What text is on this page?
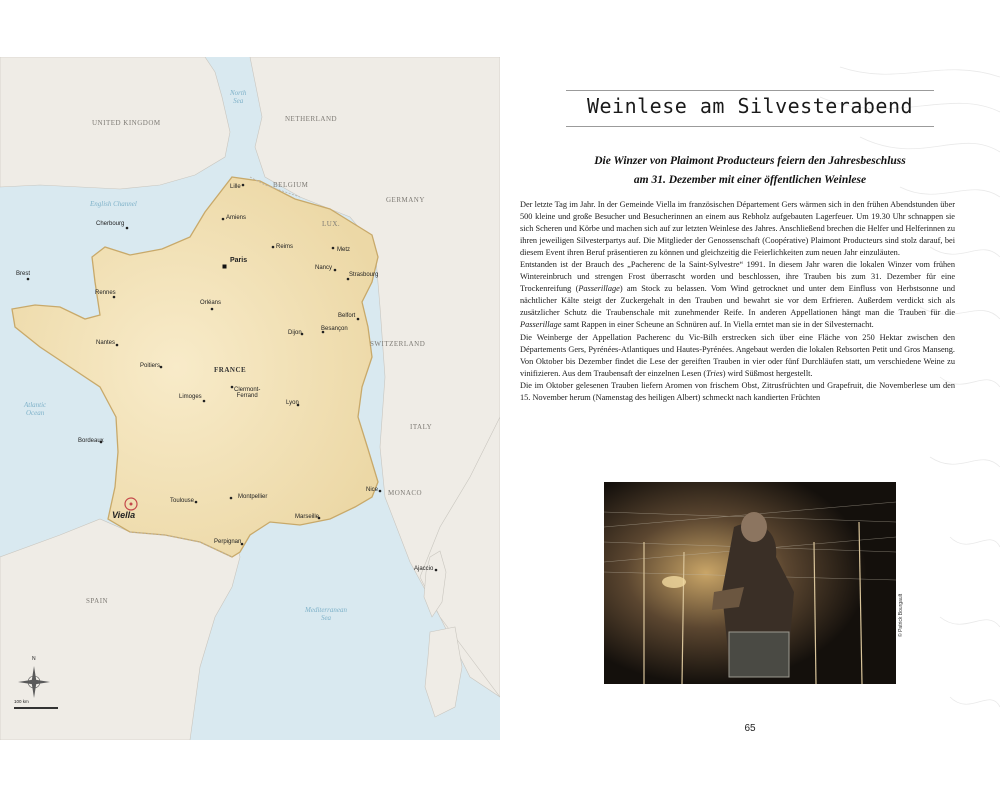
UNITED KINGDOM	NETHERLAND
BELGIUM
GERMANY
LUX.
SWITZERLAND
ITALY
MONACO
SPAIN
FRANCE
North
Sea
English Channel
Atlantic
Ocean
Mediterranean
Sea
Lille
Cherbourg
Amiens
Reims	Metz
Paris
Brest
Nancy
Strasbourg
Rennes
Orléans
Belfort
Dijon
Besançon
Nantes
Poitiers
Clermont-
Ferrand
Limoges
Lyon
Bordeaux
Nice
Toulouse
Montpellier
Viella	Marseille
Perpignan
Ajaccio
N
100 km
Weinlese am Silvesterabend
Die Winzer von Plaimont Producteurs feiern den Jahresbeschluss
am 31. Dezember mit einer öffentlichen Weinlese

Der letzte Tag im Jahr. In der Gemeinde Viella im französischen Département Gers wärmen sich in den frühen Abendstunden über 500 kleine und große Besucher und Besucherinnen an einem aus Rebholz aufgebauten Lagerfeuer. Um 19.30 Uhr schnappen sie sich Scheren und Körbe und machen sich auf zur letzten Weinlese des Jahres. Anschließend brechen die Helfer und Helferinnen zu ihren jeweiligen Silvesterpartys auf. Die Mitglieder der Genossenschaft (Coopérative) Plaimont Producteurs sind stolz darauf, bei diesem Event ihren Beruf präsentieren zu können und gleichzeitig die Feierlichkeiten zum neuen Jahr einzuläuten.

Entstanden ist der Brauch des „Pacherenc de la Saint-Sylvestre“ 1991. In diesem Jahr waren die lokalen Winzer vom frühen Wintereinbruch und strengen Frost überrascht worden und beschlossen, ihre Trauben bis zum 31. Dezember für eine Trockenreifung (Passerillage) am Stock zu belassen. Vom Wind getrocknet und unter dem Einfluss von Herbstsonne und nächtlicher Kälte steigt der Zuckergehalt in den Trauben und bewahrt sie vor dem Erfrieren. Außerdem verdickt sich als zusätzlicher Schutz die Traubenschale mit zunehmender Reife. In anderen Appellationen hängt man die Trauben für die Passerillage samt Rappen in einer Scheune an Schnüren auf. In Viella erntet man sie in der Silvesternacht.

Die Weinberge der Appellation Pacherenc du Vic-Bilh erstrecken sich über eine Fläche von 250 Hektar zwischen den Départements Gers, Pyrénées-Atlantiques und Hautes-Pyrénées. Angebaut werden die lokalen Rebsorten Petit und Gros Manseng. Von Oktober bis Dezember findet die Lese der gereiften Trauben in vier oder fünf Durchläufen statt, um verschiedene Weine zu vinifizieren. Aus dem Traubensaft der einzelnen Lesen (Tries) wird Süßmost hergestellt.

Die im Oktober gelesenen Trauben liefern Aromen von frischem Obst, Zitrusfrüchten und Grapefruit, die Novemberlese um den 15. November herum (Namenstag des heiligen Albert) schmeckt nach kandierten Früchten

© Patrick Bourgault
65
